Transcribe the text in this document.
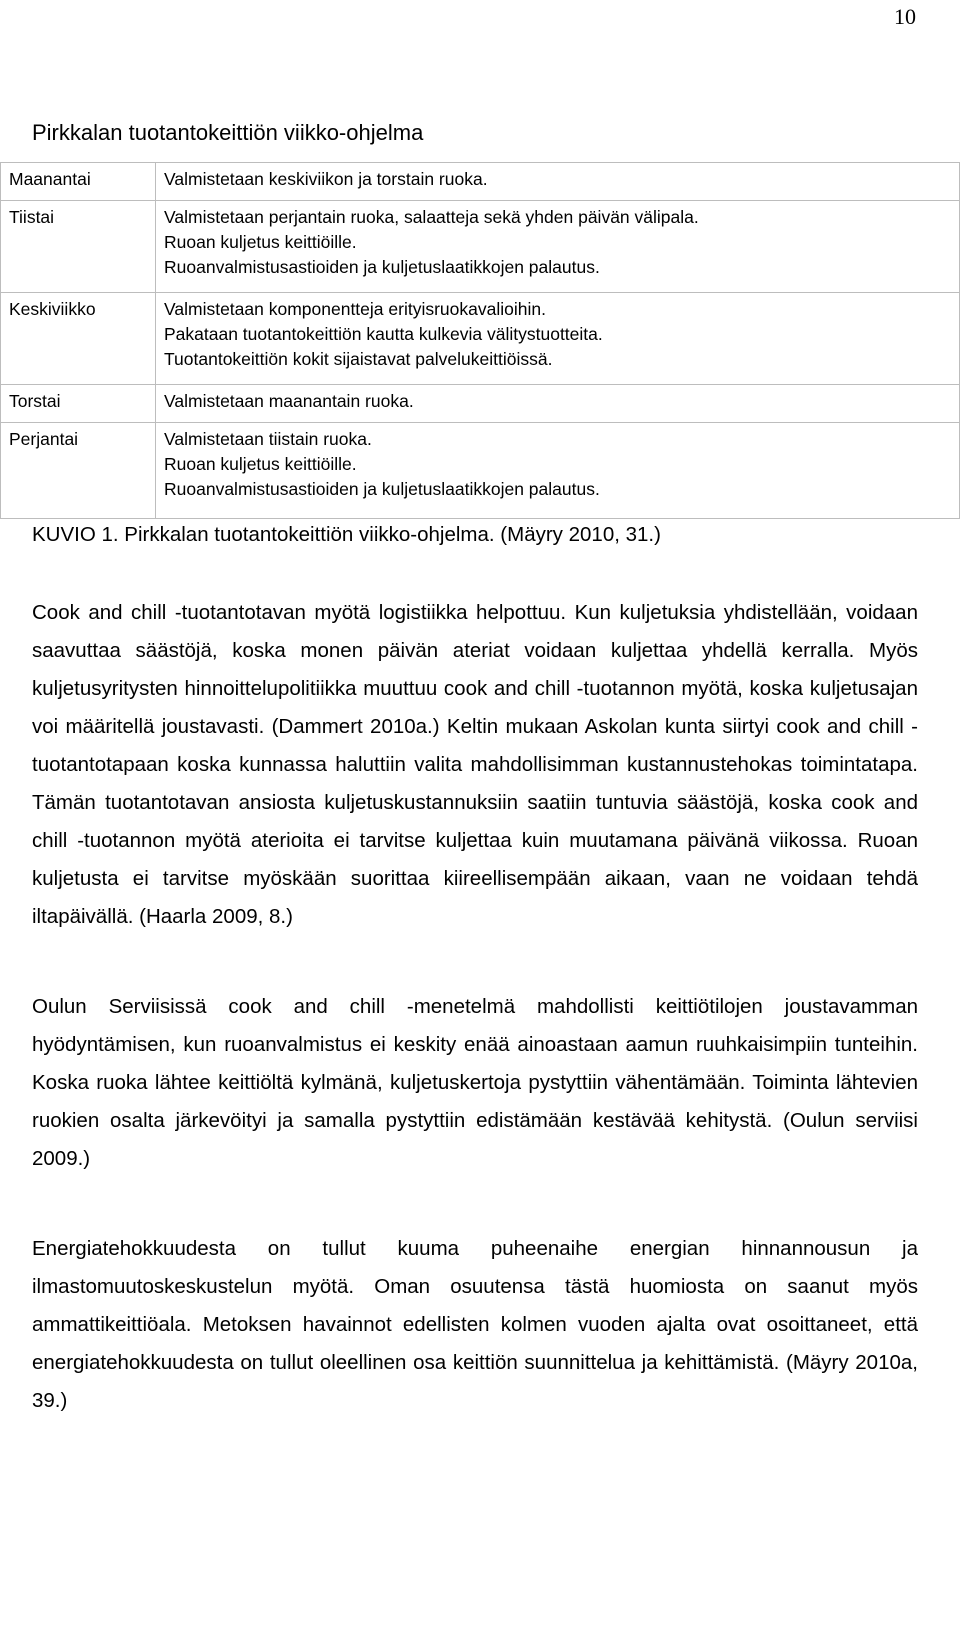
10
Pirkkalan tuotantokeittiön viikko-ohjelma
Maanantai	Valmistetaan keskiviikon ja torstain ruoka.

Tiistai	Valmistetaan perjantain ruoka, salaatteja sekä yhden päivän välipala.
Ruoan kuljetus keittiöille.
Ruoanvalmistusastioiden ja kuljetuslaatikkojen palautus.

Keskiviikko	Valmistetaan komponentteja erityisruokavalioihin.
Pakataan tuotantokeittiön kautta kulkevia välitystuotteita.
Tuotantokeittiön kokit sijaistavat palvelukeittiöissä.

Torstai	Valmistetaan maanantain ruoka.

Perjantai	Valmistetaan tiistain ruoka.
Ruoan kuljetus keittiöille.
Ruoanvalmistusastioiden ja kuljetuslaatikkojen palautus.
KUVIO 1. Pirkkalan tuotantokeittiön viikko-ohjelma. (Mäyry 2010, 31.)

Cook and chill -tuotantotavan myötä logistiikka helpottuu. Kun kuljetuksia yhdistellään, voidaan saavuttaa säästöjä, koska monen päivän ateriat voidaan kuljettaa yhdellä kerralla. Myös kuljetusyritysten hinnoittelupolitiikka muuttuu cook and chill -tuotannon myötä, koska kuljetusajan voi määritellä joustavasti. (Dammert 2010a.) Keltin mukaan Askolan kunta siirtyi cook and chill -tuotantotapaan koska kunnassa haluttiin valita mahdollisimman kustannustehokas toimintatapa. Tämän tuotantotavan ansiosta kuljetuskustannuksiin saatiin tuntuvia säästöjä, koska cook and chill -tuotannon myötä aterioita ei tarvitse kuljettaa kuin muutamana päivänä viikossa. Ruoan kuljetusta ei tarvitse myöskään suorittaa kiireellisempään aikaan, vaan ne voidaan tehdä iltapäivällä. (Haarla 2009, 8.)

Oulun Serviisissä cook and chill -menetelmä mahdollisti keittiötilojen joustavamman hyödyntämisen, kun ruoanvalmistus ei keskity enää ainoastaan aamun ruuhkaisimpiin tunteihin. Koska ruoka lähtee keittiöltä kylmänä, kuljetuskertoja pystyttiin vähentämään. Toiminta lähtevien ruokien osalta järkevöityi ja samalla pystyttiin edistämään kestävää kehitystä. (Oulun serviisi 2009.)

Energiatehokkuudesta on tullut kuuma puheenaihe energian hinnannousun ja ilmastomuutoskeskustelun myötä. Oman osuutensa tästä huomiosta on saanut myös ammattikeittiöala. Metoksen havainnot edellisten kolmen vuoden ajalta ovat osoittaneet, että energiatehokkuudesta on tullut oleellinen osa keittiön suunnittelua ja kehittämistä. (Mäyry 2010a, 39.)
